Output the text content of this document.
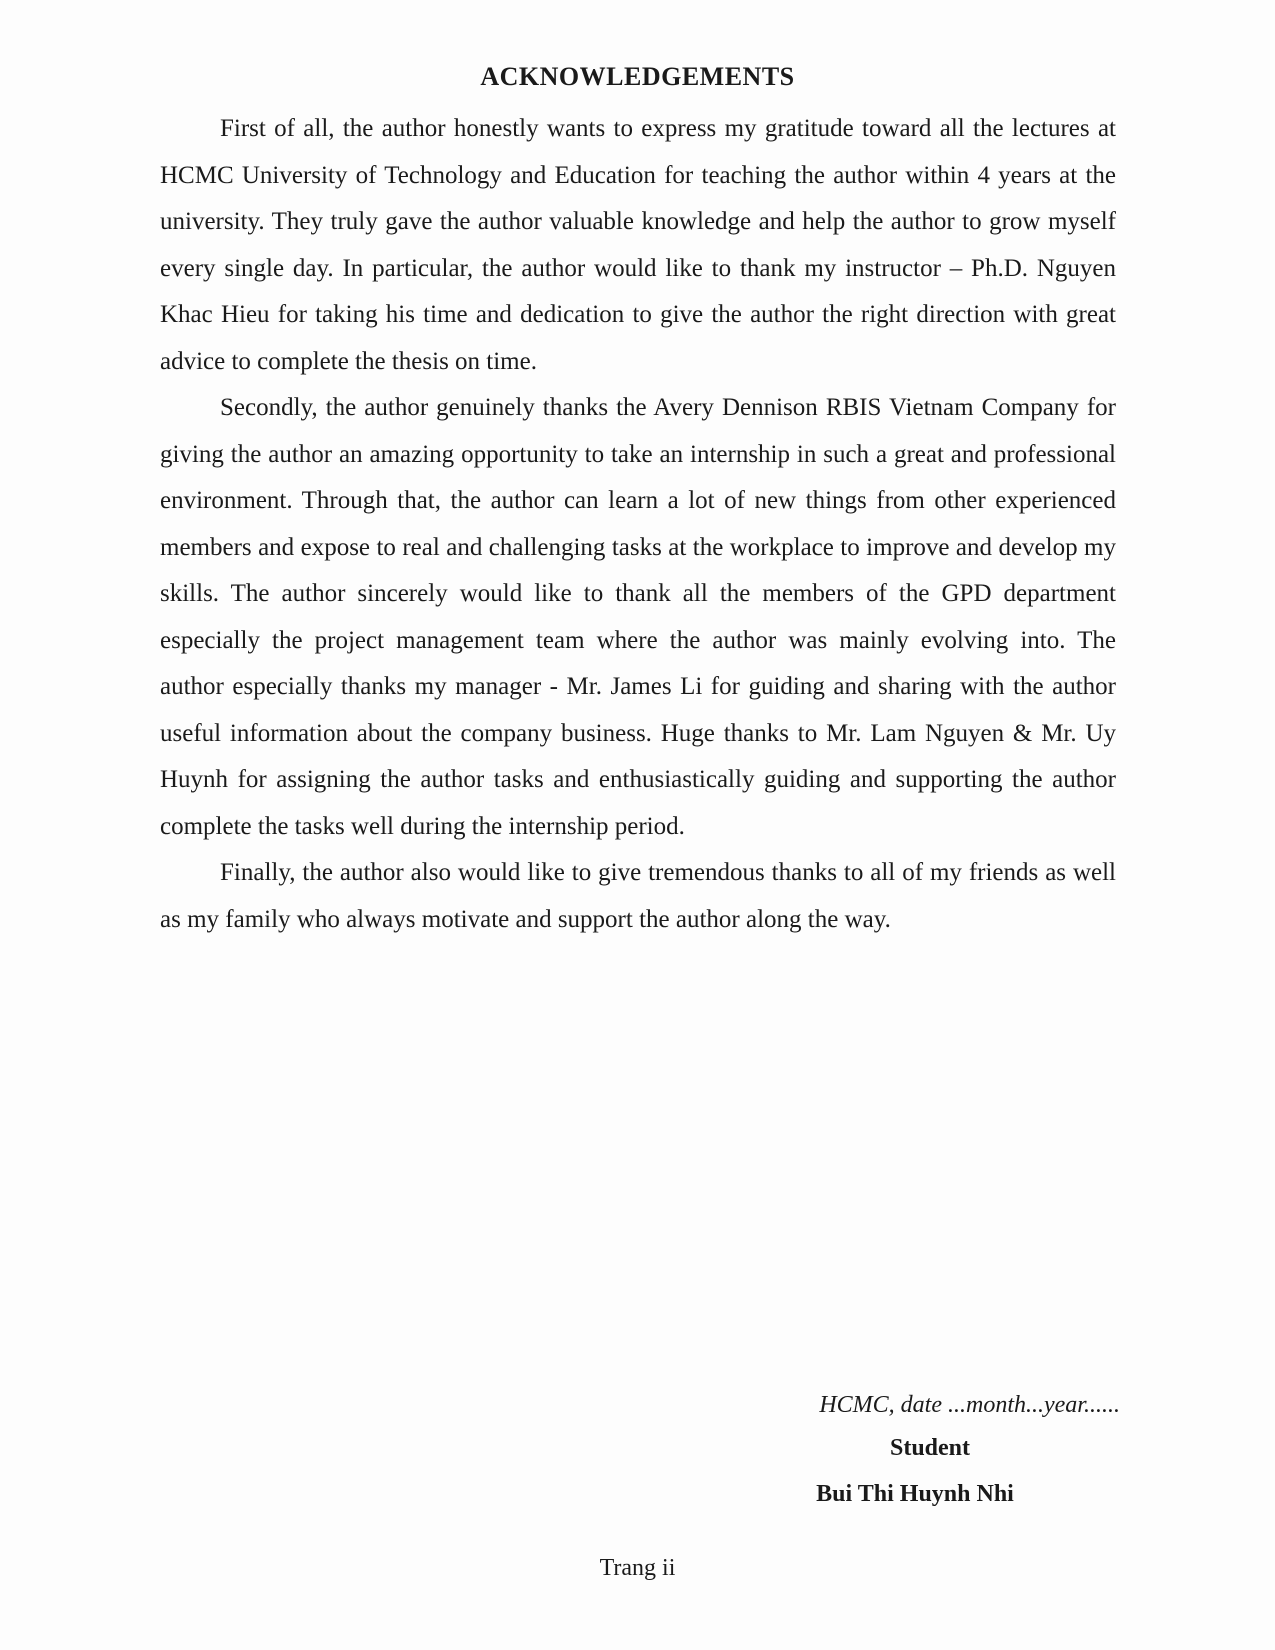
ACKNOWLEDGEMENTS

First of all, the author honestly wants to express my gratitude toward all the lectures at HCMC University of Technology and Education for teaching the author within 4 years at the university. They truly gave the author valuable knowledge and help the author to grow myself every single day. In particular, the author would like to thank my instructor – Ph.D. Nguyen Khac Hieu for taking his time and dedication to give the author the right direction with great advice to complete the thesis on time.

Secondly, the author genuinely thanks the Avery Dennison RBIS Vietnam Company for giving the author an amazing opportunity to take an internship in such a great and professional environment. Through that, the author can learn a lot of new things from other experienced members and expose to real and challenging tasks at the workplace to improve and develop my skills. The author sincerely would like to thank all the members of the GPD department especially the project management team where the author was mainly evolving into. The author especially thanks my manager - Mr. James Li for guiding and sharing with the author useful information about the company business. Huge thanks to Mr. Lam Nguyen & Mr. Uy Huynh for assigning the author tasks and enthusiastically guiding and supporting the author complete the tasks well during the internship period.

Finally, the author also would like to give tremendous thanks to all of my friends as well as my family who always motivate and support the author along the way.

HCMC, date ...month...year......

Student

Bui Thi Huynh Nhi

Trang ii
